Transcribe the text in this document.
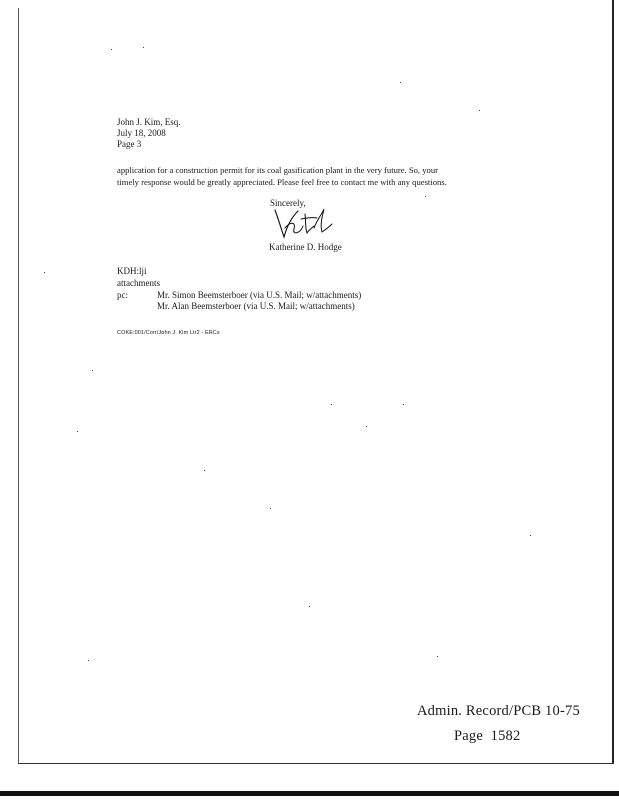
John J. Kim, Esq.
July 18, 2008
Page 3
application for a construction permit for its coal gasification plant in the very future. So, your
timely response would be greatly appreciated. Please feel free to contact me with any questions.
Sincerely,
Katherine D. Hodge
KDH:lji
attachments
pc:	Mr. Simon Beemsterboer (via U.S. Mail; w/attachments)
Mr. Alan Beemsterboer (via U.S. Mail; w/attachments)
COKE:001/Corr/John J. Kim Ltr2 - ERCs
Admin. Record/PCB 10-75
Page 1582
